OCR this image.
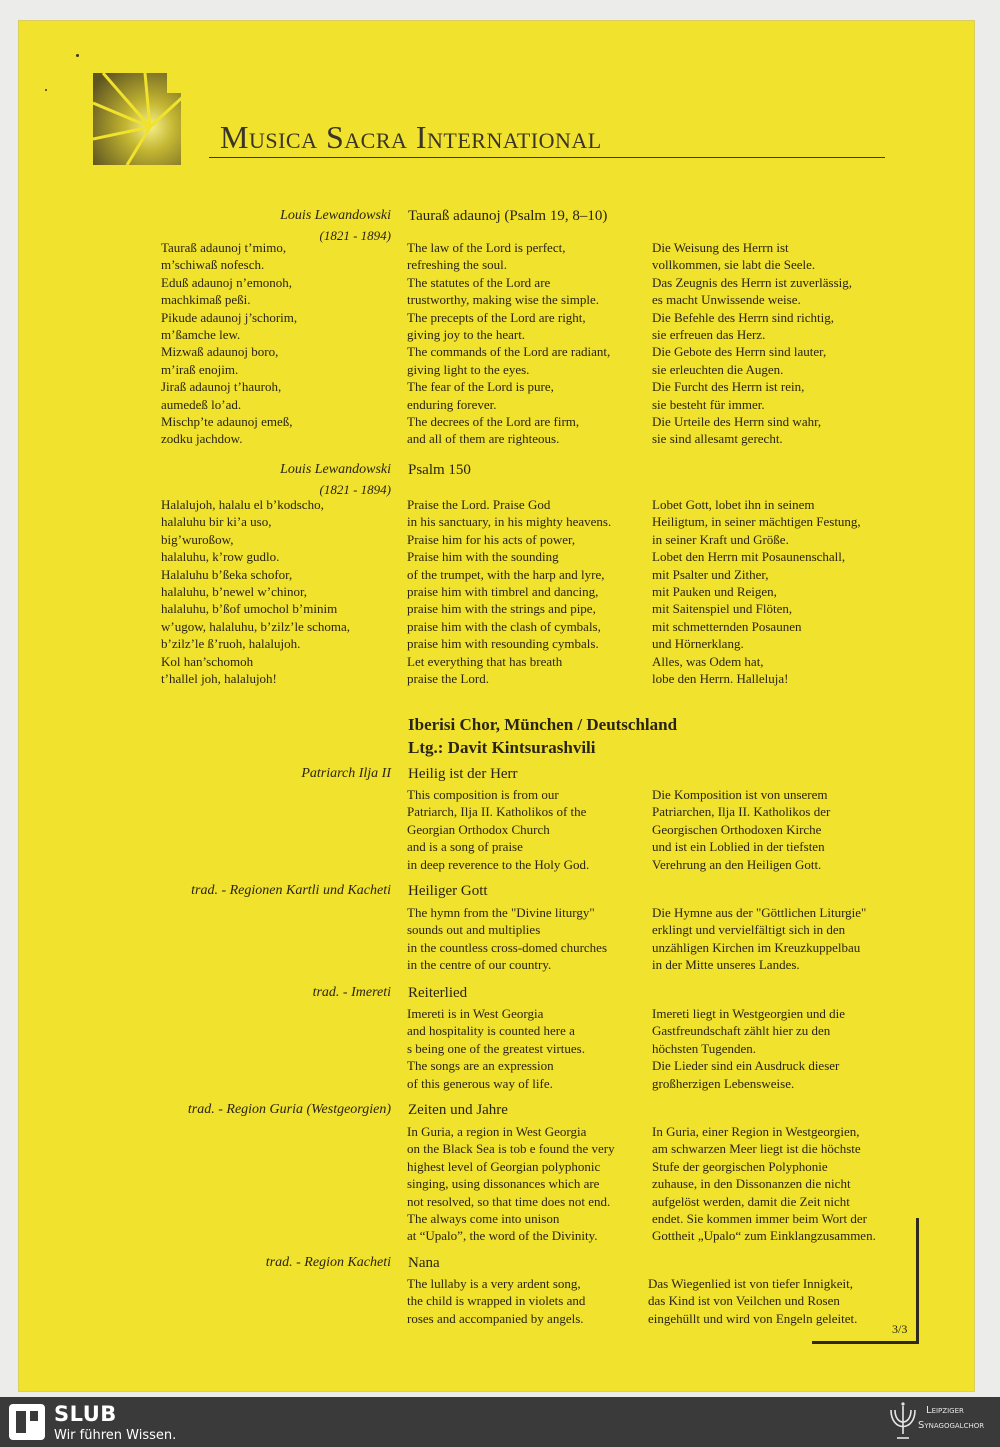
Musica Sacra International
Louis Lewandowski
(1821 - 1894)
Tauraß adaunoj (Psalm 19, 8–10)
Tauraß adaunoj t’mimo,
m’schiwaß nofesch.
Eduß adaunoj n’emonoh,
machkimaß peßi.
Pikude adaunoj j’schorim,
m’ßamche lew.
Mizwaß adaunoj boro,
m’iraß enojim.
Jiraß adaunoj t’hauroh,
aumedeß lo’ad.
Mischp’te adaunoj emeß,
zodku jachdow.
The law of the Lord is perfect,
refreshing the soul.
The statutes of the Lord are
trustworthy, making wise the simple.
The precepts of the Lord are right,
giving joy to the heart.
The commands of the Lord are radiant,
giving light to the eyes.
The fear of the Lord is pure,
enduring forever.
The decrees of the Lord are firm,
and all of them are righteous.
Die Weisung des Herrn ist
vollkommen, sie labt die Seele.
Das Zeugnis des Herrn ist zuverlässig,
es macht Unwissende weise.
Die Befehle des Herrn sind richtig,
sie erfreuen das Herz.
Die Gebote des Herrn sind lauter,
sie erleuchten die Augen.
Die Furcht des Herrn ist rein,
sie besteht für immer.
Die Urteile des Herrn sind wahr,
sie sind allesamt gerecht.
Louis Lewandowski
(1821 - 1894)
Psalm 150
Halalujoh, halalu el b’kodscho,
halaluhu bir ki’a uso,
big’wuroßow,
halaluhu, k’row gudlo.
Halaluhu b’ßeka schofor,
halaluhu, b’newel w’chinor,
halaluhu, b’ßof umochol b’minim
w’ugow, halaluhu, b’zilz’le schoma,
b’zilz’le ß’ruoh, halalujoh.
Kol han’schomoh
t’hallel joh, halalujoh!
Praise the Lord. Praise God
in his sanctuary, in his mighty heavens.
Praise him for his acts of power,
Praise him with the sounding
of the trumpet, with the harp and lyre,
praise him with timbrel and dancing,
praise him with the strings and pipe,
praise him with the clash of cymbals,
praise him with resounding cymbals.
Let everything that has breath
praise the Lord.
Lobet Gott, lobet ihn in seinem
Heiligtum, in seiner mächtigen Festung,
in seiner Kraft und Größe.
Lobet den Herrn mit Posaunenschall,
mit Psalter und Zither,
mit Pauken und Reigen,
mit Saitenspiel und Flöten,
mit schmetternden Posaunen
und Hörnerklang.
Alles, was Odem hat,
lobe den Herrn. Halleluja!
Iberisi Chor, München / Deutschland
Ltg.: Davit Kintsurashvili
Patriarch Ilja II Heilig ist der Herr
This composition is from our
Patriarch, Ilja II. Katholikos of the
Georgian Orthodox Church
and is a song of praise
in deep reverence to the Holy God.
Die Komposition ist von unserem
Patriarchen, Ilja II. Katholikos der
Georgischen Orthodoxen Kirche
und ist ein Loblied in der tiefsten
Verehrung an den Heiligen Gott.
trad. - Regionen Kartli und Kacheti Heiliger Gott
The hymn from the "Divine liturgy"
sounds out and multiplies
in the countless cross-domed churches
in the centre of our country.
Die Hymne aus der "Göttlichen Liturgie"
erklingt und vervielfältigt sich in den
unzähligen Kirchen im Kreuzkuppelbau
in der Mitte unseres Landes.
trad. - Imereti Reiterlied
Imereti is in West Georgia
and hospitality is counted here a
s being one of the greatest virtues.
The songs are an expression
of this generous way of life.
Imereti liegt in Westgeorgien und die
Gastfreundschaft zählt hier zu den
höchsten Tugenden.
Die Lieder sind ein Ausdruck dieser
großherzigen Lebensweise.
trad. - Region Guria (Westgeorgien) Zeiten und Jahre
In Guria, a region in West Georgia
on the Black Sea is tob e found the very
highest level of Georgian polyphonic
singing, using dissonances which are
not resolved, so that time does not end.
The always come into unison
at “Upalo”, the word of the Divinity.
In Guria, einer Region in Westgeorgien,
am schwarzen Meer liegt ist die höchste
Stufe der georgischen Polyphonie
zuhause, in den Dissonanzen die nicht
aufgelöst werden, damit die Zeit nicht
endet. Sie kommen immer beim Wort der
Gottheit „Upalo“ zum Einklangzusammen.
trad. - Region Kacheti Nana
The lullaby is a very ardent song,
the child is wrapped in violets and
roses and accompanied by angels.
Das Wiegenlied ist von tiefer Innigkeit,
das Kind ist von Veilchen und Rosen
eingehüllt und wird von Engeln geleitet.
3/3
SLUB
Wir führen Wissen.
Leipziger
Synagogalchor
